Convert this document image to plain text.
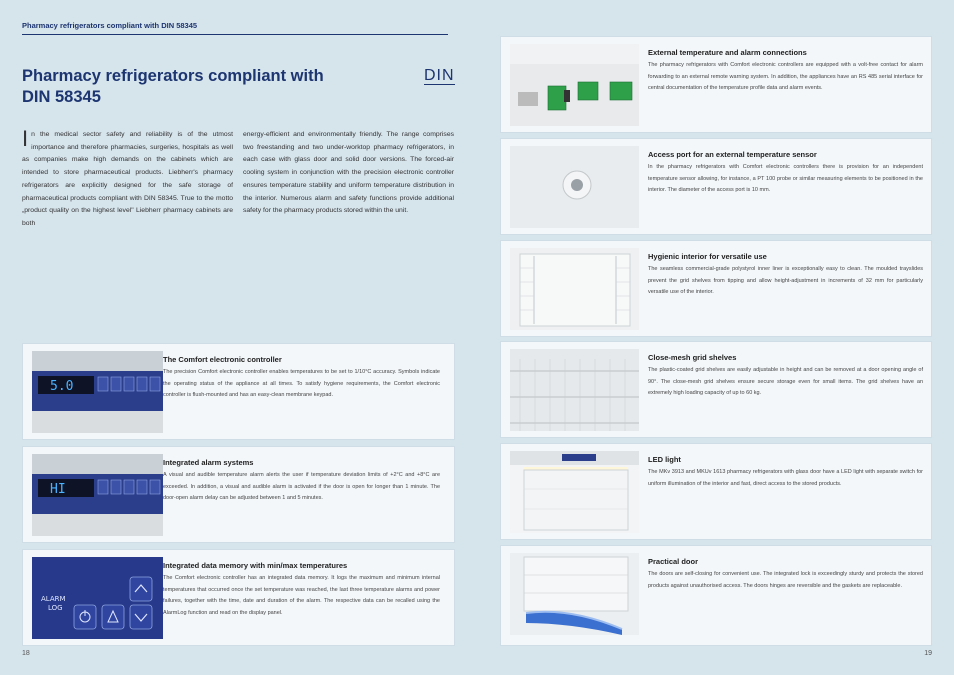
Pharmacy refrigerators compliant with DIN 58345
Pharmacy refrigerators compliant with DIN 58345
DIN

In the medical sector safety and reliability is of the utmost importance and therefore pharmacies, surgeries, hospitals as well as companies make high demands on the cabinets which are intended to store pharmaceutical products. Liebherr's pharmacy refrigerators are explicitly designed for the safe storage of pharmaceutical products compliant with DIN 58345. True to the motto „product quality on the highest level" Liebherr pharmacy cabinets are both

energy-efficient and environmentally friendly. The range comprises two freestanding and two under-worktop pharmacy refrigerators, in each case with glass door and solid door versions. The forced-air cooling system in conjunction with the precision electronic controller ensures temperature stability and uniform temperature distribution in the interior. Numerous alarm and safety functions provide additional safety for the pharmacy products stored within the unit.

5.0
The Comfort electronic controller

The precision Comfort electronic controller enables temperatures to be set to 1/10°C accuracy. Symbols indicate the operating status of the appliance at all times. To satisfy hygiene requirements, the Comfort electronic controller is flush-mounted and has an easy-clean membrane keypad.

HI
Integrated alarm systems

A visual and audible temperature alarm alerts the user if temperature deviation limits of +2°C and +8°C are exceeded. In addition, a visual and audible alarm is activated if the door is open for longer than 1 minute. The door-open alarm delay can be adjusted between 1 and 5 minutes.

ALARM
LOG
Integrated data memory with min/max temperatures

The Comfort electronic controller has an integrated data memory. It logs the maximum and minimum internal temperatures that occurred once the set temperature was reached, the last three temperature alarms and power failures, together with the time, date and duration of the alarm. The respective data can be recalled using the AlarmLog function and read on the display panel.

External temperature and alarm connections

The pharmacy refrigerators with Comfort electronic controllers are equipped with a volt-free contact for alarm forwarding to an external remote warning system. In addition, the appliances have an RS 485 serial interface for central documentation of the temperature profile data and alarm events.

Access port for an external temperature sensor

In the pharmacy refrigerators with Comfort electronic controllers there is provision for an independent temperature sensor allowing, for instance, a PT 100 probe or similar measuring elements to be positioned in the interior. The diameter of the access port is 10 mm.

Hygienic interior for versatile use

The seamless commercial-grade polystyrol inner liner is exceptionally easy to clean. The moulded trayslides prevent the grid shelves from tipping and allow height-adjustment in increments of 32 mm for particularly versatile use of the interior.

Close-mesh grid shelves

The plastic-coated grid shelves are easily adjustable in height and can be removed at a door opening angle of 90°. The close-mesh grid shelves ensure secure storage even for small items. The grid shelves have an extremely high loading capacity of up to 60 kg.

LED light

The MKv 3913 and MKUv 1613 pharmacy refrigerators with glass door have a LED light with separate switch for uniform illumination of the interior and fast, direct access to the stored products.

Practical door

The doors are self-closing for convenient use. The integrated lock is exceedingly sturdy and protects the stored products against unauthorised access. The doors hinges are reversible and the gaskets are replaceable.

18	19
